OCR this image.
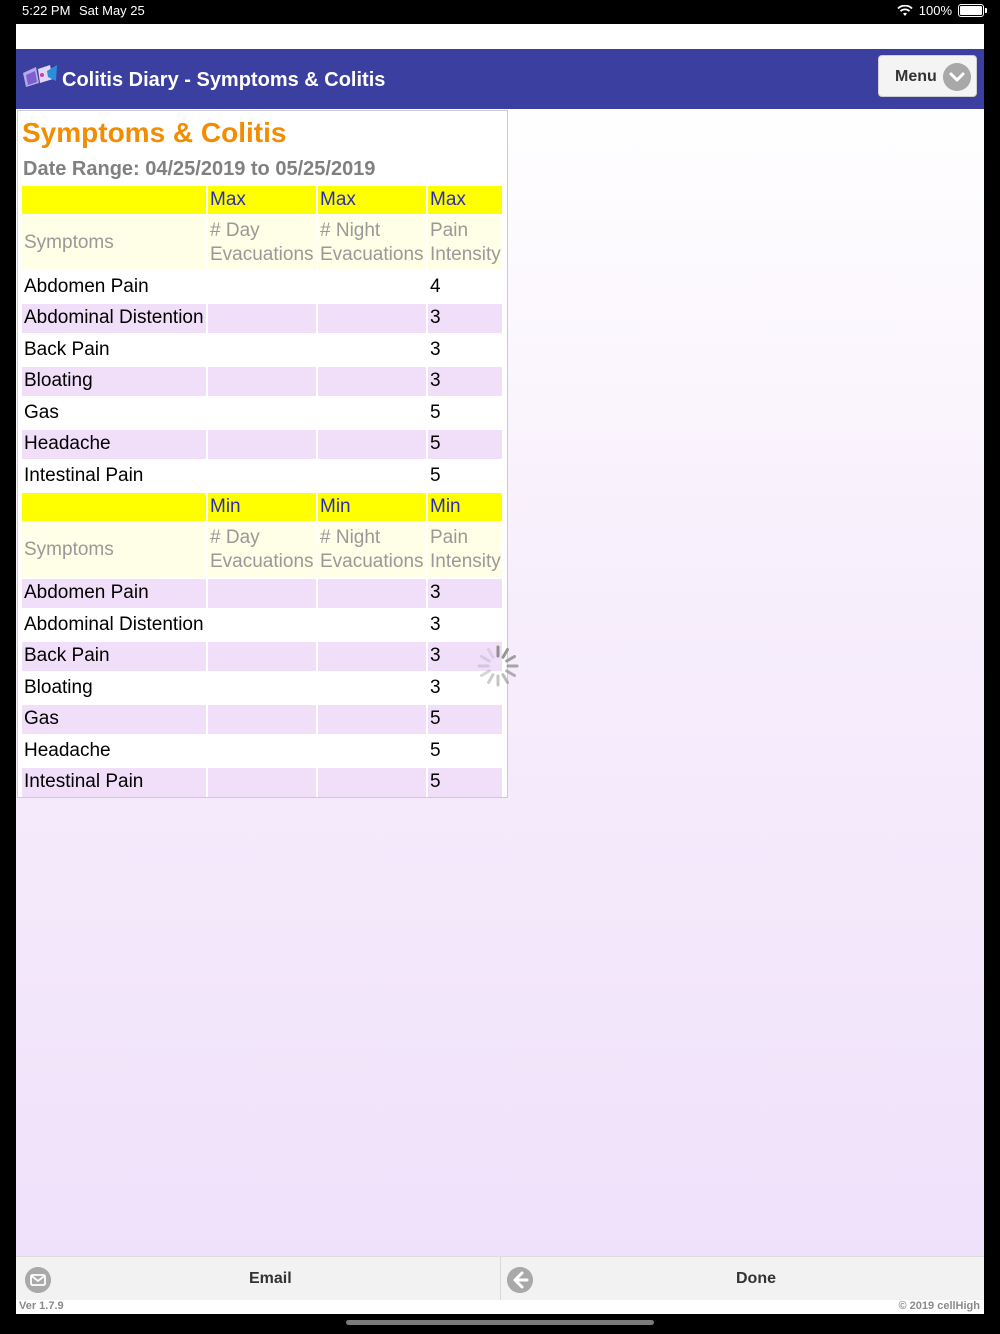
5:22 PM Sat May 25	100%
Colitis Diary - Symptoms & Colitis	Menu
Symptoms & Colitis
Date Range: 04/25/2019 to 05/25/2019
	Max	Max	Max
Symptoms	# Day Evacuations	# Night Evacuations	Pain Intensity
Abdomen Pain			4
Abdominal Distention			3
Back Pain			3
Bloating			3
Gas			5
Headache			5
Intestinal Pain			5
	Min	Min	Min
Symptoms	# Day Evacuations	# Night Evacuations	Pain Intensity
Abdomen Pain			3
Abdominal Distention			3
Back Pain			3
Bloating			3
Gas			5
Headache			5
Intestinal Pain			5
Email	Done
Ver 1.7.9	© 2019 cellHigh
